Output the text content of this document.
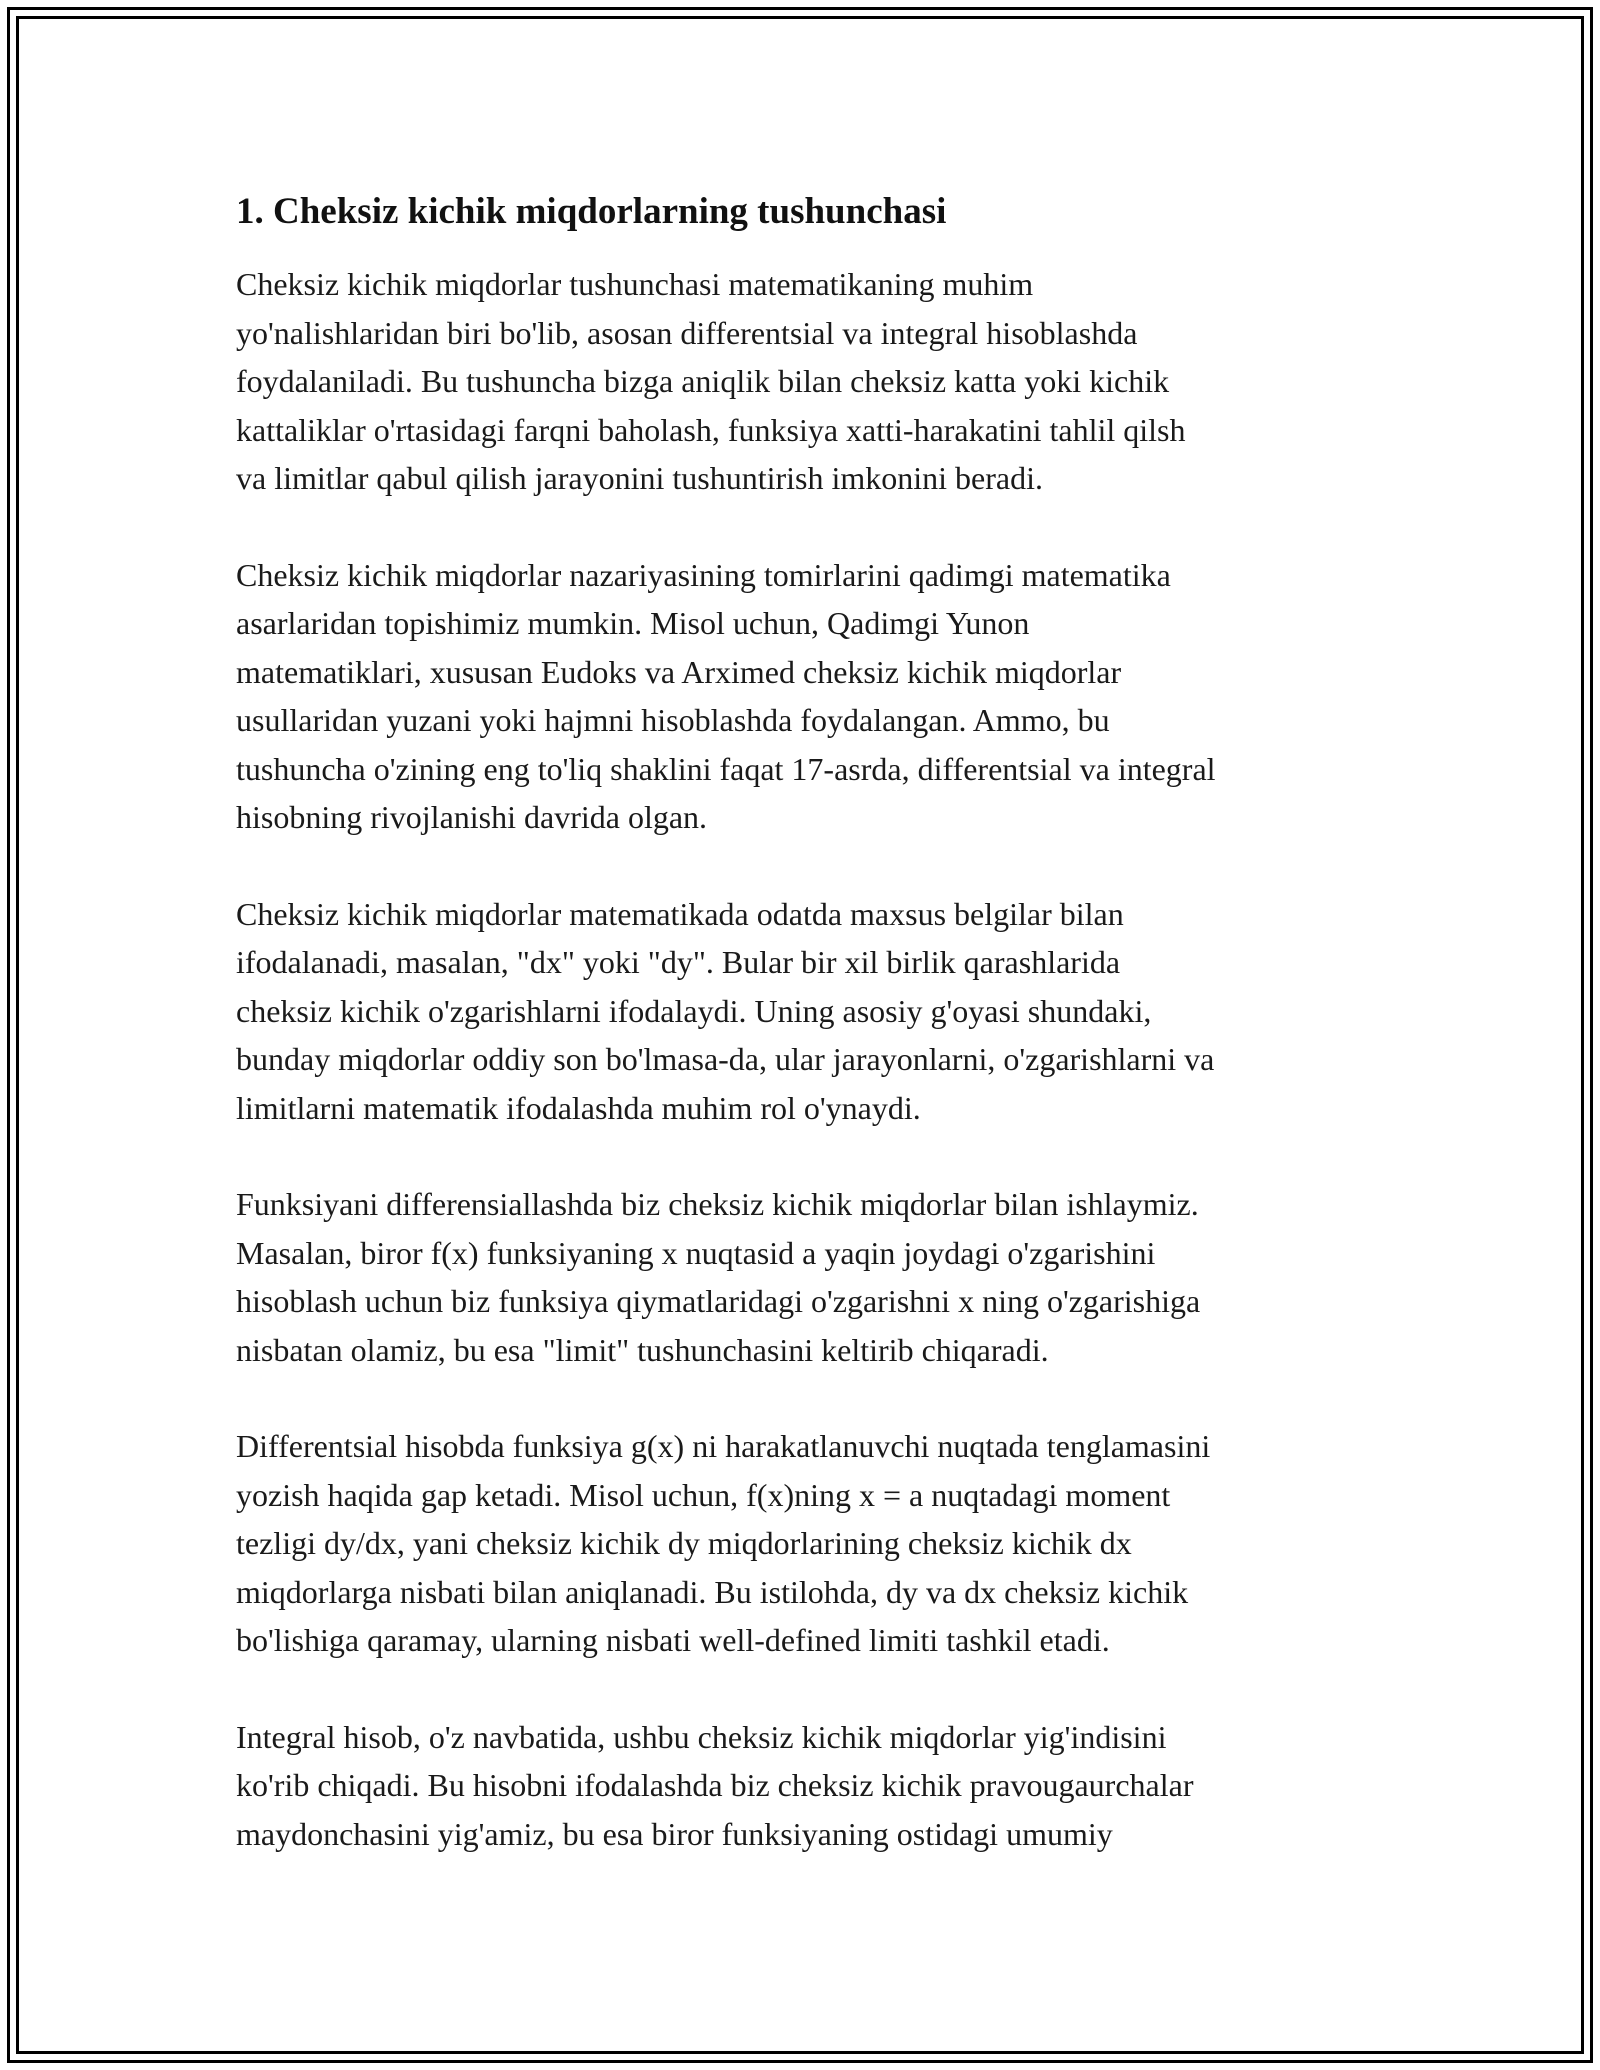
1. Cheksiz kichik miqdorlarning tushunchasi
Cheksiz kichik miqdorlar tushunchasi matematikaning muhim
yo'nalishlaridan biri bo'lib, asosan differentsial va integral hisoblashda
foydalaniladi. Bu tushuncha bizga aniqlik bilan cheksiz katta yoki kichik
kattaliklar o'rtasidagi farqni baholash, funksiya xatti-harakatini tahlil qilsh
va limitlar qabul qilish jarayonini tushuntirish imkonini beradi.
Cheksiz kichik miqdorlar nazariyasining tomirlarini qadimgi matematika
asarlaridan topishimiz mumkin. Misol uchun, Qadimgi Yunon
matematiklari, xususan Eudoks va Arximed cheksiz kichik miqdorlar
usullaridan yuzani yoki hajmni hisoblashda foydalangan. Ammo, bu
tushuncha o'zining eng to'liq shaklini faqat 17-asrda, differentsial va integral
hisobning rivojlanishi davrida olgan.
Cheksiz kichik miqdorlar matematikada odatda maxsus belgilar bilan
ifodalanadi, masalan, "dx" yoki "dy". Bular bir xil birlik qarashlarida
cheksiz kichik o'zgarishlarni ifodalaydi. Uning asosiy g'oyasi shundaki,
bunday miqdorlar oddiy son bo'lmasa-da, ular jarayonlarni, o'zgarishlarni va
limitlarni matematik ifodalashda muhim rol o'ynaydi.
Funksiyani differensiallashda biz cheksiz kichik miqdorlar bilan ishlaymiz.
Masalan, biror f(x) funksiyaning x nuqtasid a yaqin joydagi o'zgarishini
hisoblash uchun biz funksiya qiymatlaridagi o'zgarishni x ning o'zgarishiga
nisbatan olamiz, bu esa "limit" tushunchasini keltirib chiqaradi.
Differentsial hisobda funksiya g(x) ni harakatlanuvchi nuqtada tenglamasini
yozish haqida gap ketadi. Misol uchun, f(x)ning x = a nuqtadagi moment
tezligi dy/dx, yani cheksiz kichik dy miqdorlarining cheksiz kichik dx
miqdorlarga nisbati bilan aniqlanadi. Bu istilohda, dy va dx cheksiz kichik
bo'lishiga qaramay, ularning nisbati well-defined limiti tashkil etadi.
Integral hisob, o'z navbatida, ushbu cheksiz kichik miqdorlar yig'indisini
ko'rib chiqadi. Bu hisobni ifodalashda biz cheksiz kichik pravougaurchalar
maydonchasini yig'amiz, bu esa biror funksiyaning ostidagi umumiy
